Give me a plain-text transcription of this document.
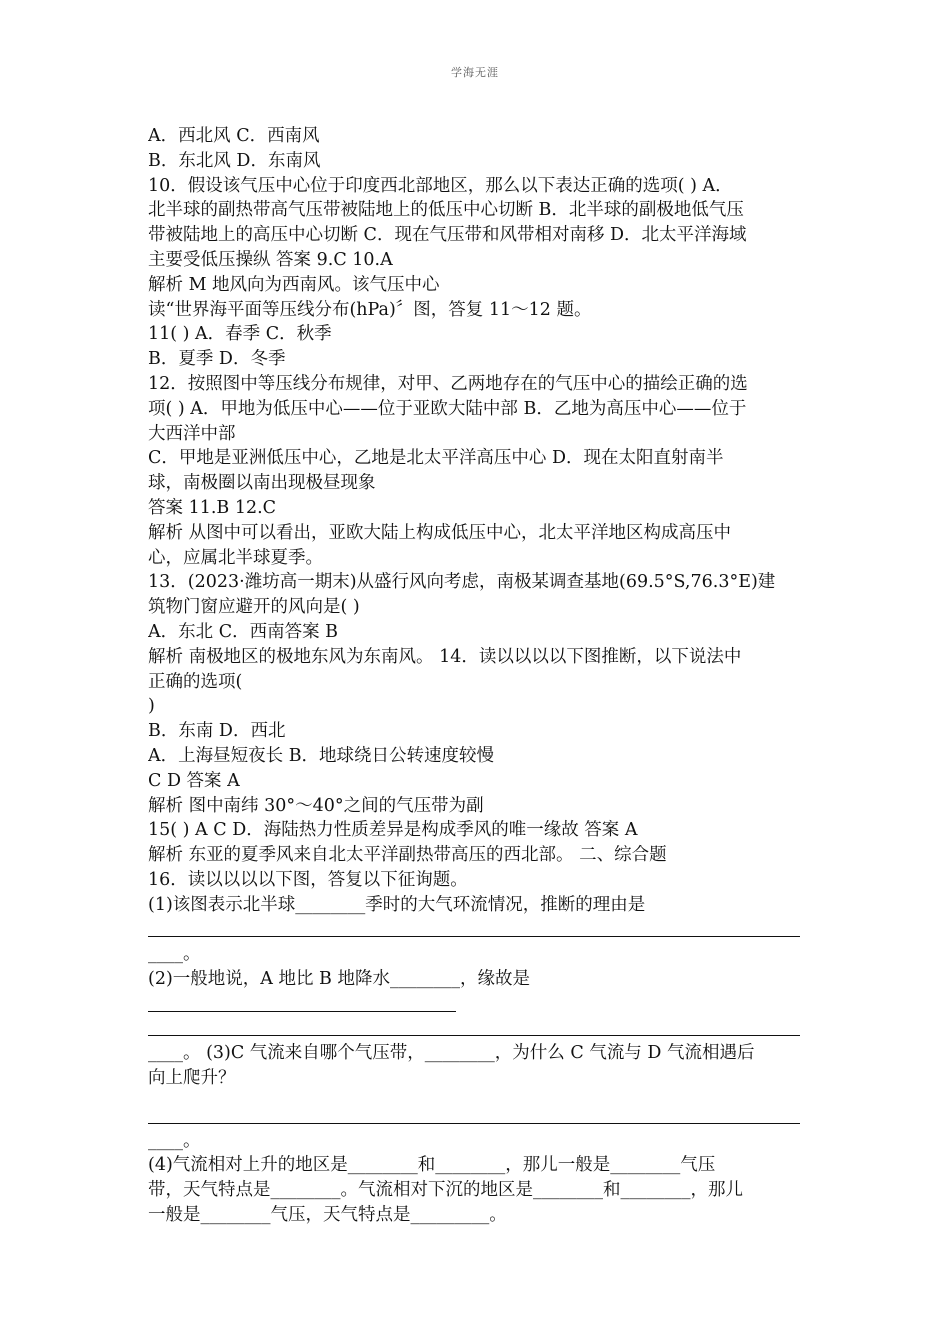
学海无涯
A．西北风 C．西南风
B．东北风 D．东南风
10．假设该气压中心位于印度西北部地区，那么以下表达正确的选项( ) A．
北半球的副热带高气压带被陆地上的低压中心切断 B．北半球的副极地低气压
带被陆地上的高压中心切断 C．现在气压带和风带相对南移 D．北太平洋海域
主要受低压操纵 答案 9.C 10.A
解析 M 地风向为西南风。该气压中心
读“世界海平面等压线分布(hPa)〞图，答复 11～12 题。
11( ) A．春季 C．秋季
B．夏季 D．冬季
12．按照图中等压线分布规律，对甲、乙两地存在的气压中心的描绘正确的选
项( ) A．甲地为低压中心——位于亚欧大陆中部 B．乙地为高压中心——位于
大西洋中部
C．甲地是亚洲低压中心，乙地是北太平洋高压中心 D．现在太阳直射南半
球，南极圈以南出现极昼现象
答案 11.B 12.C
解析 从图中可以看出，亚欧大陆上构成低压中心，北太平洋地区构成高压中
心，应属北半球夏季。
13．(2023·潍坊高一期末)从盛行风向考虑，南极某调查基地(69.5°S,76.3°E)建
筑物门窗应避开的风向是( )
A．东北 C．西南答案 B
解析 南极地区的极地东风为东南风。 14．读以以以以下图推断，以下说法中
正确的选项(
)
B．东南 D．西北
A．上海昼短夜长 B．地球绕日公转速度较慢
C D 答案 A
解析 图中南纬 30°～40°之间的气压带为副
15( ) A C D．海陆热力性质差异是构成季风的唯一缘故 答案 A
解析 东亚的夏季风来自北太平洋副热带高压的西北部。 二、综合题
16．读以以以以下图，答复以下征询题。
(1)该图表示北半球________季时的大气环流情况，推断的理由是
____。
(2)一般地说，A 地比 B 地降水________，缘故是
____。 (3)C 气流来自哪个气压带，________，为什么 C 气流与 D 气流相遇后
向上爬升？
____。
(4)气流相对上升的地区是________和________，那儿一般是________气压
带，天气特点是________。气流相对下沉的地区是________和________，那儿
一般是________气压，天气特点是_________。
